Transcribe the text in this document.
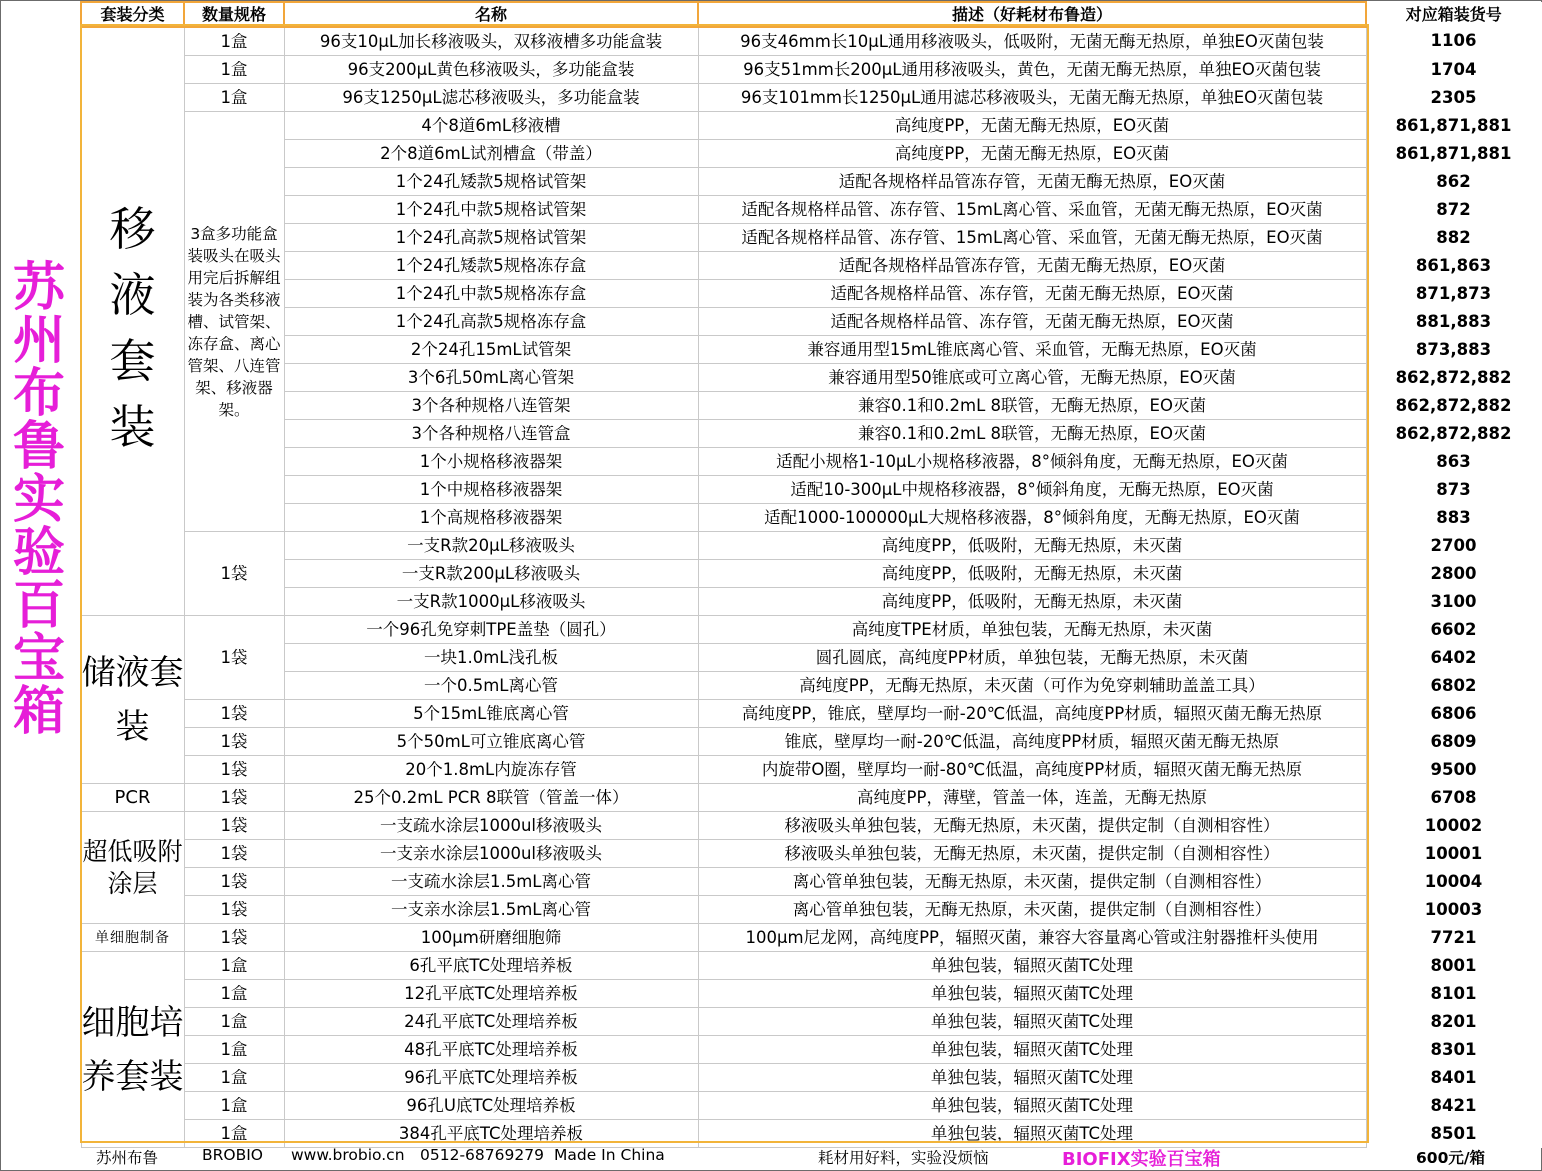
苏
州
布
鲁
实
验
百
宝
箱
套装分类	数量规格	名称	描述（好耗材布鲁造）	对应箱装货号

移
液
套
装	1盒	96支10µL加长移液吸头，双移液槽多功能盒装	96支46mm长10µL通用移液吸头，低吸附，无菌无酶无热原，单独EO灭菌包装	1106
	1盒	96支200µL黄色移液吸头，多功能盒装	96支51mm长200µL通用移液吸头，黄色，无菌无酶无热原，单独EO灭菌包装	1704
	1盒	96支1250µL滤芯移液吸头，多功能盒装	96支101mm长1250µL通用滤芯移液吸头，无菌无酶无热原，单独EO灭菌包装	2305
	3盒多功能盒装吸头在吸头用完后拆解组装为各类移液槽、试管架、冻存盒、离心管架、八连管架、移液器架。	4个8道6mL移液槽	高纯度PP，无菌无酶无热原，EO灭菌	861,871,881
		2个8道6mL试剂槽盒（带盖）	高纯度PP，无菌无酶无热原，EO灭菌	861,871,881
		1个24孔矮款5规格试管架	适配各规格样品管冻存管，无菌无酶无热原，EO灭菌	862
		1个24孔中款5规格试管架	适配各规格样品管、冻存管、15mL离心管、采血管，无菌无酶无热原，EO灭菌	872
		1个24孔高款5规格试管架	适配各规格样品管、冻存管、15mL离心管、采血管，无菌无酶无热原，EO灭菌	882
		1个24孔矮款5规格冻存盒	适配各规格样品管冻存管，无菌无酶无热原，EO灭菌	861,863
		1个24孔中款5规格冻存盒	适配各规格样品管、冻存管，无菌无酶无热原，EO灭菌	871,873
		1个24孔高款5规格冻存盒	适配各规格样品管、冻存管，无菌无酶无热原，EO灭菌	881,883
		2个24孔15mL试管架	兼容通用型15mL锥底离心管、采血管，无酶无热原，EO灭菌	873,883
		3个6孔50mL离心管架	兼容通用型50锥底或可立离心管，无酶无热原，EO灭菌	862,872,882
		3个各种规格八连管架	兼容0.1和0.2mL 8联管，无酶无热原，EO灭菌	862,872,882
		3个各种规格八连管盒	兼容0.1和0.2mL 8联管，无酶无热原，EO灭菌	862,872,882
		1个小规格移液器架	适配小规格1-10µL小规格移液器，8°倾斜角度，无酶无热原，EO灭菌	863
		1个中规格移液器架	适配10-300µL中规格移液器，8°倾斜角度，无酶无热原，EO灭菌	873
		1个高规格移液器架	适配1000-100000µL大规格移液器，8°倾斜角度，无酶无热原，EO灭菌	883
	1袋	一支R款20µL移液吸头	高纯度PP，低吸附，无酶无热原，未灭菌	2700
		一支R款200µL移液吸头	高纯度PP，低吸附，无酶无热原，未灭菌	2800
		一支R款1000µL移液吸头	高纯度PP，低吸附，无酶无热原，未灭菌	3100
储液套装	1袋	一个96孔免穿刺TPE盖垫（圆孔）	高纯度TPE材质，单独包装，无酶无热原，未灭菌	6602
		一块1.0mL浅孔板	圆孔圆底，高纯度PP材质，单独包装，无酶无热原，未灭菌	6402
		一个0.5mL离心管	高纯度PP，无酶无热原，未灭菌（可作为免穿刺辅助盖盖工具）	6802
	1袋	5个15mL锥底离心管	高纯度PP，锥底，壁厚均一耐-20℃低温，高纯度PP材质，辐照灭菌无酶无热原	6806
	1袋	5个50mL可立锥底离心管	锥底，壁厚均一耐-20℃低温，高纯度PP材质，辐照灭菌无酶无热原	6809
	1袋	20个1.8mL内旋冻存管	内旋带O圈，壁厚均一耐-80℃低温，高纯度PP材质，辐照灭菌无酶无热原	9500
PCR	1袋	25个0.2mL PCR 8联管（管盖一体）	高纯度PP，薄壁，管盖一体，连盖，无酶无热原	6708
超低吸附涂层	1袋	一支疏水涂层1000ul移液吸头	移液吸头单独包装，无酶无热原，未灭菌，提供定制（自测相容性）	10002
	1袋	一支亲水涂层1000ul移液吸头	移液吸头单独包装，无酶无热原，未灭菌，提供定制（自测相容性）	10001
	1袋	一支疏水涂层1.5mL离心管	离心管单独包装，无酶无热原，未灭菌，提供定制（自测相容性）	10004
	1袋	一支亲水涂层1.5mL离心管	离心管单独包装，无酶无热原，未灭菌，提供定制（自测相容性）	10003
单细胞制备	1袋	100µm研磨细胞筛	100µm尼龙网，高纯度PP，辐照灭菌，兼容大容量离心管或注射器推杆头使用	7721
细胞培养套装	1盒	6孔平底TC处理培养板	单独包装，辐照灭菌TC处理	8001
	1盒	12孔平底TC处理培养板	单独包装，辐照灭菌TC处理	8101
	1盒	24孔平底TC处理培养板	单独包装，辐照灭菌TC处理	8201
	1盒	48孔平底TC处理培养板	单独包装，辐照灭菌TC处理	8301
	1盒	96孔平底TC处理培养板	单独包装，辐照灭菌TC处理	8401
	1盒	96孔U底TC处理培养板	单独包装，辐照灭菌TC处理	8421
	1盒	384孔平底TC处理培养板	单独包装，辐照灭菌TC处理	8501
苏州布鲁	BROBIO www.brobio.cn 0512-68769279 Made In China	耗材用好料，实验没烦恼	BIOFIX实验百宝箱	600元/箱
